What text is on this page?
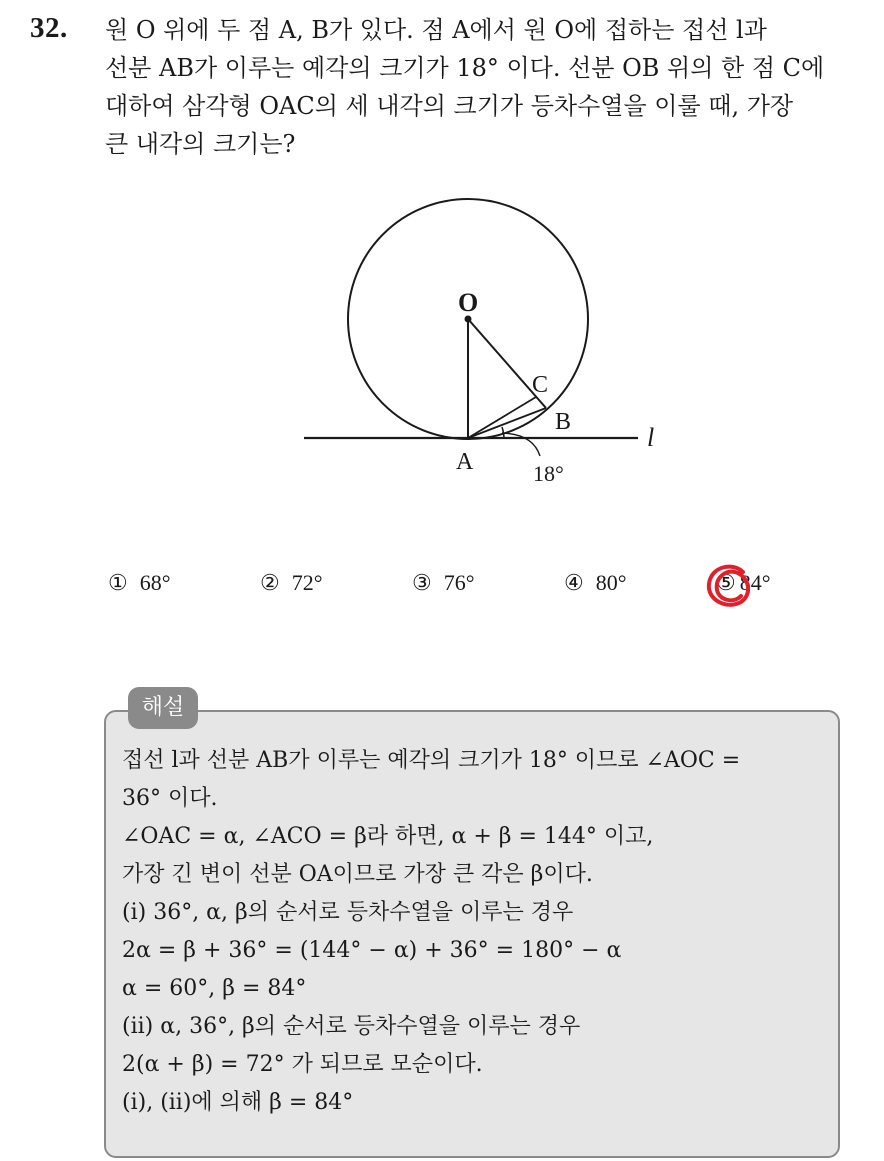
32. 원 O 위에 두 점 A, B가 있다. 점 A에서 원 O에 접하는 접선 l과
선분 AB가 이루는 예각의 크기가 18° 이다. 선분 OB 위의 한 점 C에
대하여 삼각형 OAC의 세 내각의 크기가 등차수열을 이룰 때, 가장
큰 내각의 크기는?
O
C
B
A
l
18°
① 68°	② 72°	③ 76°	④ 80°	⑤ 84°
해설
접선 l과 선분 AB가 이루는 예각의 크기가 18° 이므로 ∠AOC =
36° 이다.
∠OAC = α, ∠ACO = β라 하면, α + β = 144° 이고,
가장 긴 변이 선분 OA이므로 가장 큰 각은 β이다.
(i) 36°, α, β의 순서로 등차수열을 이루는 경우
2α = β + 36° = (144° − α) + 36° = 180° − α
α = 60°, β = 84°
(ii) α, 36°, β의 순서로 등차수열을 이루는 경우
2(α + β) = 72° 가 되므로 모순이다.
(i), (ii)에 의해 β = 84°
